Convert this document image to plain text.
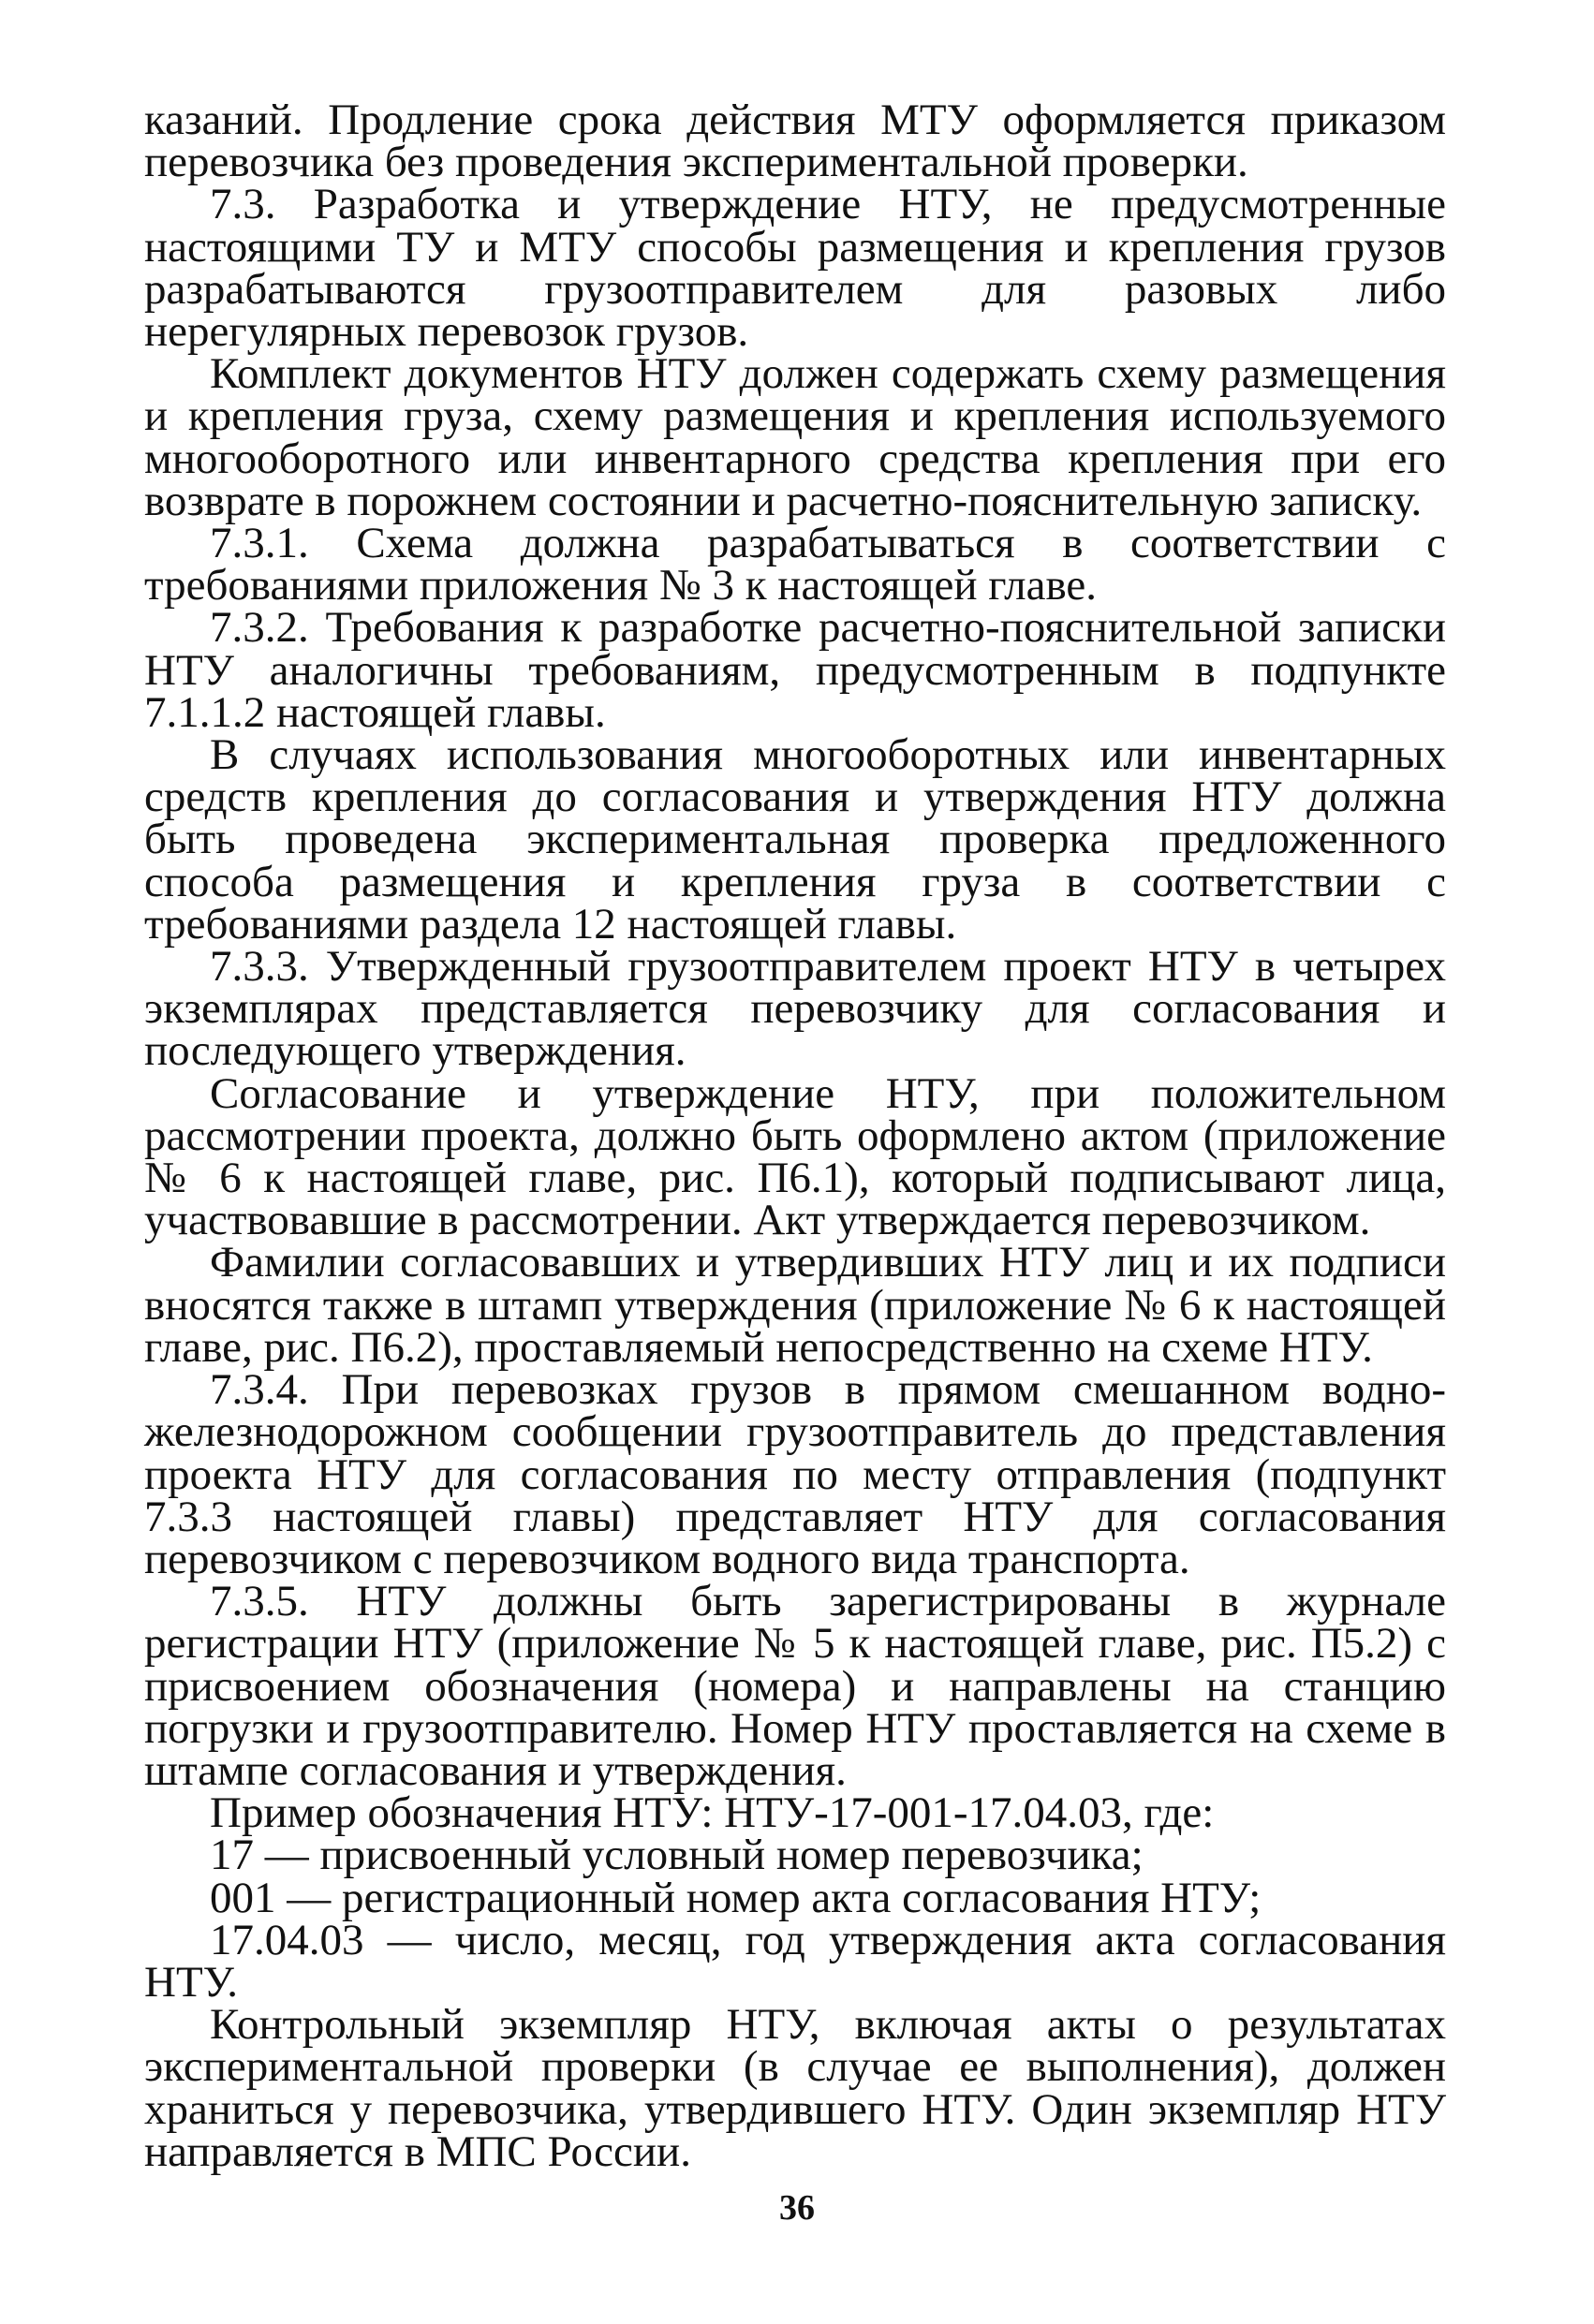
казаний. Продление срока действия МТУ оформляется приказом перевозчика без проведения экспериментальной проверки.

7.3. Разработка и утверждение НТУ, не предусмотренные настоящими ТУ и МТУ способы размещения и крепления грузов разрабатываются грузоотправителем для разовых либо нерегулярных перевозок грузов.

Комплект документов НТУ должен содержать схему размещения и крепления груза, схему размещения и крепления используемого многооборотного или инвентарного средства крепления при его возврате в порожнем состоянии и расчетно-пояснительную записку.

7.3.1. Схема должна разрабатываться в соответствии с требованиями приложения № 3 к настоящей главе.

7.3.2. Требования к разработке расчетно-пояснительной записки НТУ аналогичны требованиям, предусмотренным в подпункте 7.1.1.2 настоящей главы.

В случаях использования многооборотных или инвентарных средств крепления до согласования и утверждения НТУ должна быть проведена экспериментальная проверка предложенного способа размещения и крепления груза в соответствии с требованиями раздела 12 настоящей главы.

7.3.3. Утвержденный грузоотправителем проект НТУ в четырех экземплярах представляется перевозчику для согласования и последующего утверждения.

Согласование и утверждение НТУ, при положительном рассмотрении проекта, должно быть оформлено актом (приложение № 6 к настоящей главе, рис. П6.1), который подписывают лица, участвовавшие в рассмотрении. Акт утверждается перевозчиком.

Фамилии согласовавших и утвердивших НТУ лиц и их подписи вносятся также в штамп утверждения (приложение № 6 к настоящей главе, рис. П6.2), проставляемый непосредственно на схеме НТУ.

7.3.4. При перевозках грузов в прямом смешанном водно-железнодорожном сообщении грузоотправитель до представления проекта НТУ для согласования по месту отправления (подпункт 7.3.3 настоящей главы) представляет НТУ для согласования перевозчиком с перевозчиком водного вида транспорта.

7.3.5. НТУ должны быть зарегистрированы в журнале регистрации НТУ (приложение № 5 к настоящей главе, рис. П5.2) с присвоением обозначения (номера) и направлены на станцию погрузки и грузоотправителю. Номер НТУ проставляется на схеме в штампе согласования и утверждения.

Пример обозначения НТУ: НТУ-17-001-17.04.03, где:

17 — присвоенный условный номер перевозчика;

001 — регистрационный номер акта согласования НТУ;

17.04.03 — число, месяц, год утверждения акта согласования НТУ.

Контрольный экземпляр НТУ, включая акты о результатах экспериментальной проверки (в случае ее выполнения), должен храниться у перевозчика, утвердившего НТУ. Один экземпляр НТУ направляется в МПС России.

36
